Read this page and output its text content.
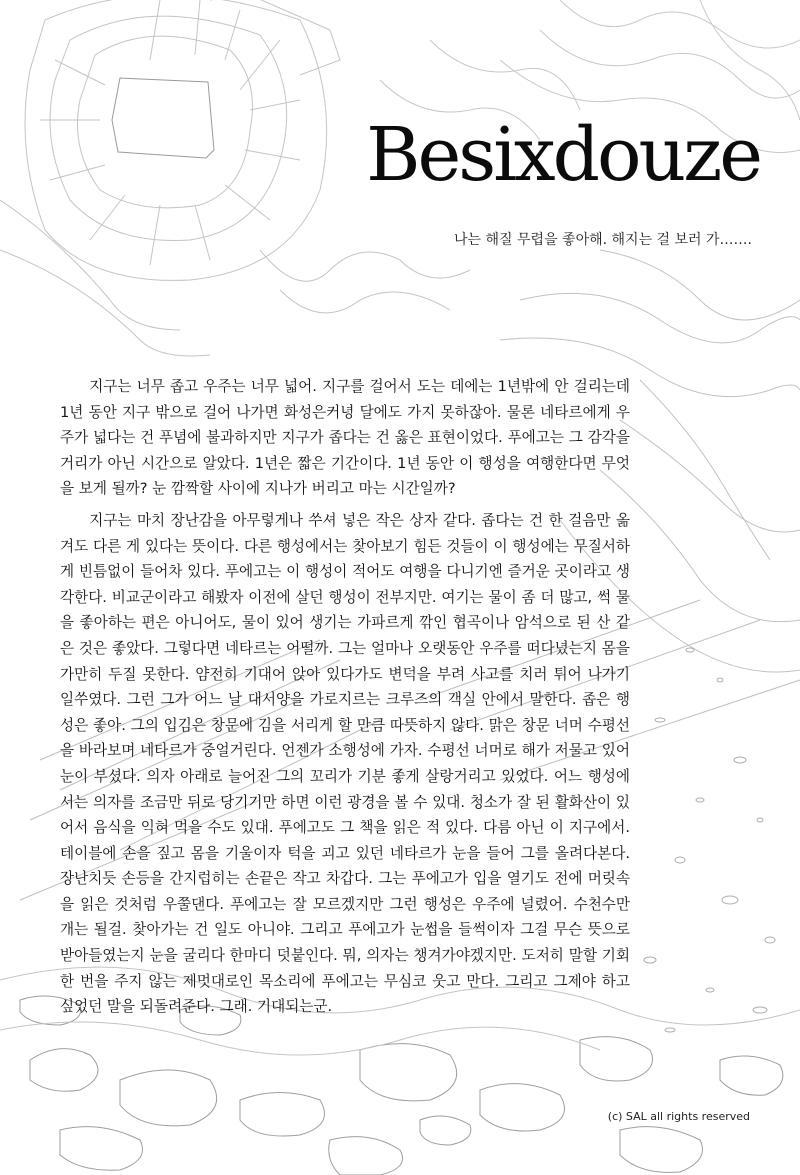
Besixdouze

나는 해질 무렵을 좋아해. 해지는 걸 보러 가…….

지구는 너무 좁고 우주는 너무 넓어. 지구를 걸어서 도는 데에는 1년밖에 안 걸리는데 1년 동안 지구 밖으로 걸어 나가면 화성은커녕 달에도 가지 못하잖아. 물론 네타르에게 우주가 넓다는 건 푸념에 불과하지만 지구가 좁다는 건 옳은 표현이었다. 푸에고는 그 감각을 거리가 아닌 시간으로 알았다. 1년은 짧은 기간이다. 1년 동안 이 행성을 여행한다면 무엇을 보게 될까? 눈 깜짝할 사이에 지나가 버리고 마는 시간일까?

지구는 마치 장난감을 아무렇게나 쑤셔 넣은 작은 상자 같다. 좁다는 건 한 걸음만 옮겨도 다른 게 있다는 뜻이다. 다른 행성에서는 찾아보기 힘든 것들이 이 행성에는 무질서하게 빈틈없이 들어차 있다. 푸에고는 이 행성이 적어도 여행을 다니기엔 즐거운 곳이라고 생각한다. 비교군이라고 해봤자 이전에 살던 행성이 전부지만. 여기는 물이 좀 더 많고, 썩 물을 좋아하는 편은 아니어도, 물이 있어 생기는 가파르게 깎인 협곡이나 암석으로 된 산 같은 것은 좋았다. 그렇다면 네타르는 어떨까. 그는 얼마나 오랫동안 우주를 떠다녔는지 몸을 가만히 두질 못한다. 얌전히 기대어 앉아 있다가도 변덕을 부려 사고를 치러 튀어 나가기 일쑤였다. 그런 그가 어느 날 대서양을 가로지르는 크루즈의 객실 안에서 말한다. 좁은 행성은 좋아. 그의 입김은 창문에 김을 서리게 할 만큼 따뜻하지 않다. 맑은 창문 너머 수평선을 바라보며 네타르가 중얼거린다. 언젠가 소행성에 가자. 수평선 너머로 해가 저물고 있어 눈이 부셨다. 의자 아래로 늘어진 그의 꼬리가 기분 좋게 살랑거리고 있었다. 어느 행성에서는 의자를 조금만 뒤로 당기기만 하면 이런 광경을 볼 수 있대. 청소가 잘 된 활화산이 있어서 음식을 익혀 먹을 수도 있대. 푸에고도 그 책을 읽은 적 있다. 다름 아닌 이 지구에서. 테이블에 손을 짚고 몸을 기울이자 턱을 괴고 있던 네타르가 눈을 들어 그를 올려다본다. 장난치듯 손등을 간지럽히는 손끝은 작고 차갑다. 그는 푸에고가 입을 열기도 전에 머릿속을 읽은 것처럼 우쭐댄다. 푸에고는 잘 모르겠지만 그런 행성은 우주에 널렸어. 수천수만 개는 될걸. 찾아가는 건 일도 아니야. 그리고 푸에고가 눈썹을 들썩이자 그걸 무슨 뜻으로 받아들였는지 눈을 굴리다 한마디 덧붙인다. 뭐, 의자는 챙겨가야겠지만. 도저히 말할 기회 한 번을 주지 않는 제멋대로인 목소리에 푸에고는 무심코 웃고 만다. 그리고 그제야 하고 싶었던 말을 되돌려준다. 그래. 기대되는군.

(c) SAL all rights reserved
